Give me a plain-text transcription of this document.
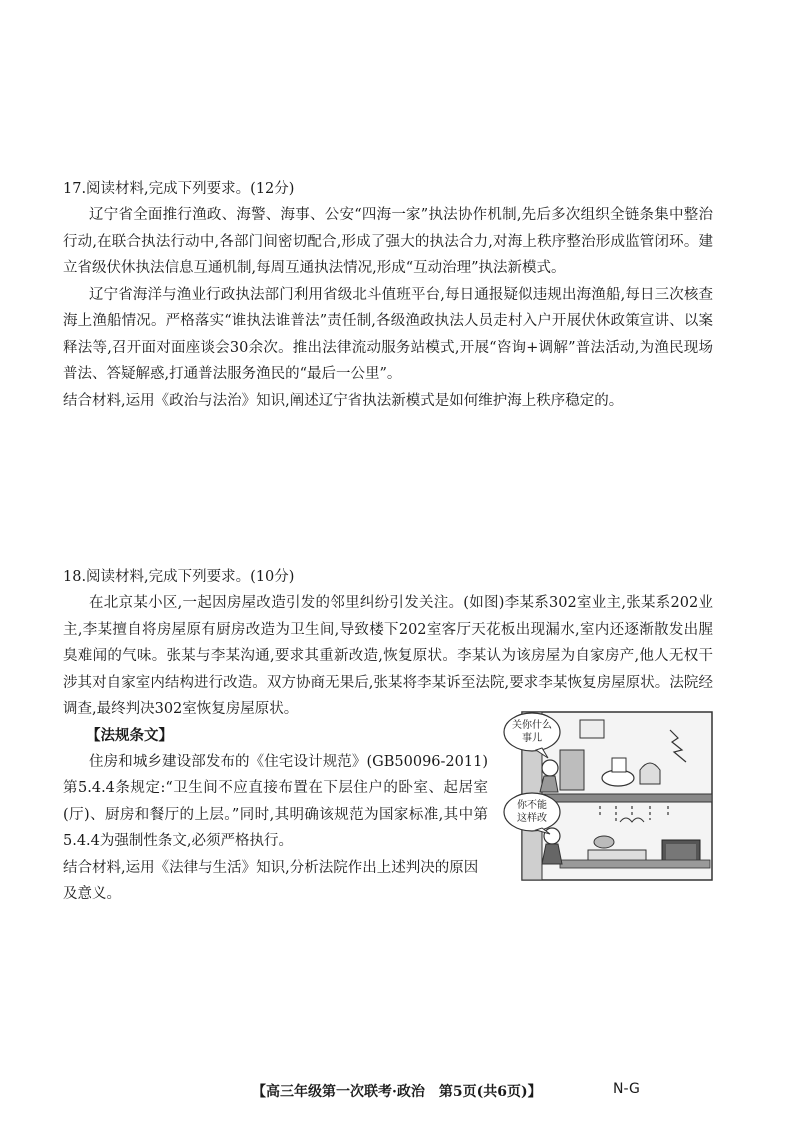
17.阅读材料,完成下列要求。(12分)

辽宁省全面推行渔政、海警、海事、公安“四海一家”执法协作机制,先后多次组织全链条集中整治行动,在联合执法行动中,各部门间密切配合,形成了强大的执法合力,对海上秩序整治形成监管闭环。建立省级伏休执法信息互通机制,每周互通执法情况,形成“互动治理”执法新模式。

辽宁省海洋与渔业行政执法部门利用省级北斗值班平台,每日通报疑似违规出海渔船,每日三次核查海上渔船情况。严格落实“谁执法谁普法”责任制,各级渔政执法人员走村入户开展伏休政策宣讲、以案释法等,召开面对面座谈会30余次。推出法律流动服务站模式,开展“咨询+调解”普法活动,为渔民现场普法、答疑解惑,打通普法服务渔民的“最后一公里”。

结合材料,运用《政治与法治》知识,阐述辽宁省执法新模式是如何维护海上秩序稳定的。

18.阅读材料,完成下列要求。(10分)

在北京某小区,一起因房屋改造引发的邻里纠纷引发关注。(如图)李某系302室业主,张某系202业主,李某擅自将房屋原有厨房改造为卫生间,导致楼下202室客厅天花板出现漏水,室内还逐渐散发出腥臭难闻的气味。张某与李某沟通,要求其重新改造,恢复原状。李某认为该房屋为自家房产,他人无权干涉其对自家室内结构进行改造。双方协商无果后,张某将李某诉至法院,要求李某恢复房屋原状。法院经调查,最终判决302室恢复房屋原状。

【法规条文】

住房和城乡建设部发布的《住宅设计规范》(GB50096-2011)第5.4.4条规定:“卫生间不应直接布置在下层住户的卧室、起居室(厅)、厨房和餐厅的上层。”同时,其明确该规范为国家标准,其中第5.4.4为强制性条文,必须严格执行。

结合材料,运用《法律与生活》知识,分析法院作出上述判决的原因及意义。

关你什么
事儿
你不能
这样改
【高三年级第一次联考·政治　第5页(共6页)】	N-G
